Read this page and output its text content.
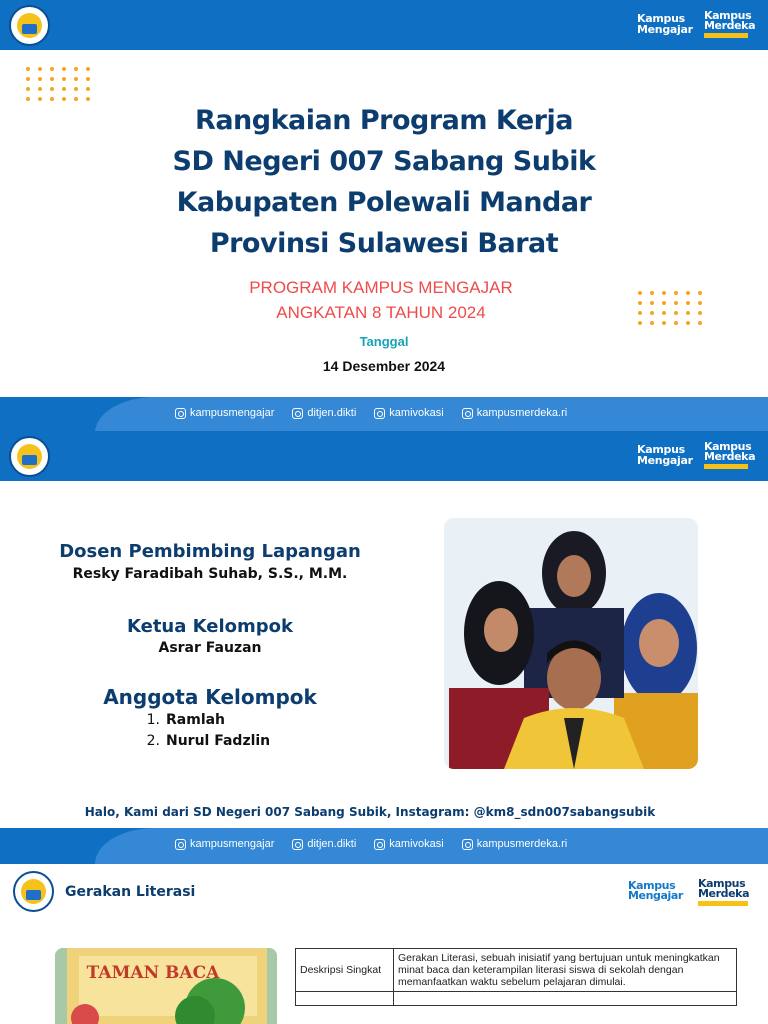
Kampus
Mengajar
Kampus
Merdeka
Rangkaian Program Kerja
SD Negeri 007 Sabang Subik
Kabupaten Polewali Mandar
Provinsi Sulawesi Barat
PROGRAM KAMPUS MENGAJAR
ANGKATAN 8 TAHUN 2024
Tanggal
14 Desember 2024
kampusmengajar	ditjen.dikti	kamivokasi	kampusmerdeka.ri
Kampus
Mengajar
Kampus
Merdeka
Dosen Pembimbing Lapangan
Resky Faradibah Suhab, S.S., M.M.
Ketua Kelompok
Asrar Fauzan
Anggota Kelompok
1. Ramlah
2. Nurul Fadzlin
Halo, Kami dari SD Negeri 007 Sabang Subik, Instagram: @km8_sdn007sabangsubik
kampusmengajar	ditjen.dikti	kamivokasi	kampusmerdeka.ri
Gerakan Literasi	Kampus
Mengajar
Kampus
Merdeka
TAMAN BACA	Deskripsi Singkat	Gerakan Literasi, sebuah inisiatif yang bertujuan untuk meningkatkan minat baca dan keterampilan literasi siswa di sekolah dengan memanfaatkan waktu sebelum pelajaran dimulai.
